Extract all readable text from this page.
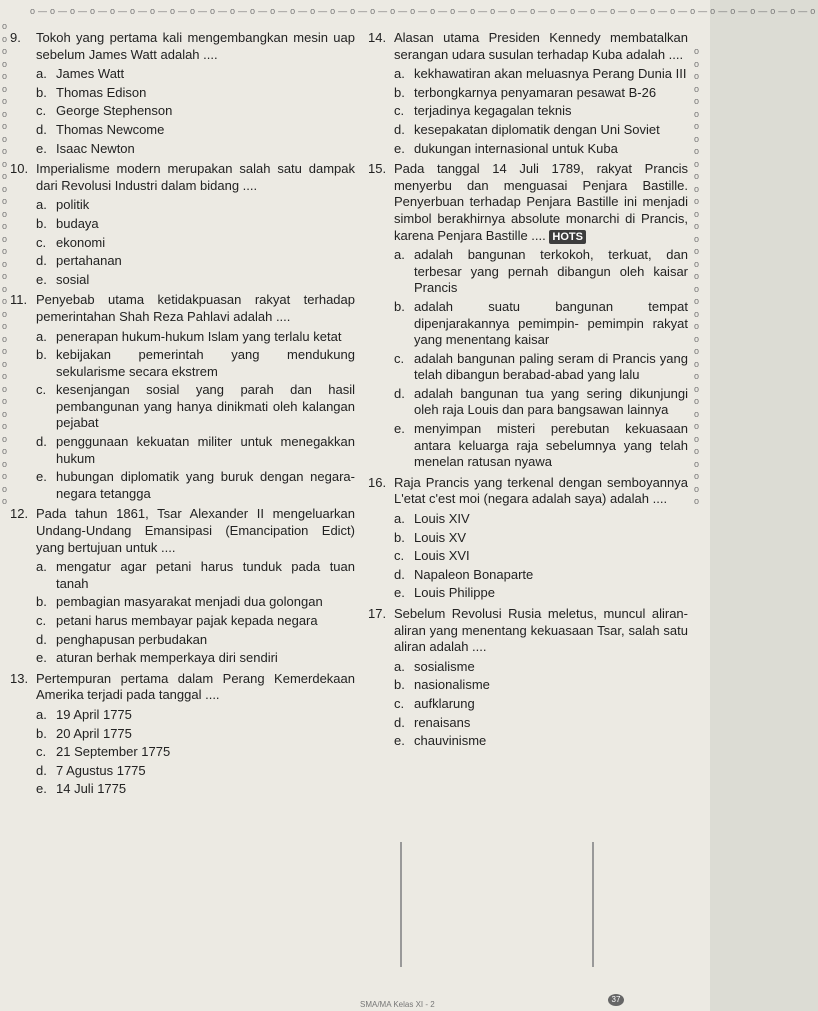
o—o—o—o—o—o—o—o—o—o—o—o—o—o—o—o—o—o—o—o—o—o—o—o—o—o—o—o—o—o—o—o—o—o—o—o—o—o—o—o
o
o
o
o
o
o
o
o
o
o
o
o
o
o
o
o
o
o
o
o
o
o
o
o
o
o
o
o
o
o
o
o
o
o
o
o
o
o
o
o
o
o
o
o
o
o
o
o
o
o
o
o
o
o
o
o
o
o
o
o
o
o
o
o
o
o
o
o
o
o
o
o
o
o
o
o
9.	Tokoh yang pertama kali mengembangkan mesin uap sebelum James Watt adalah ....
a. James Watt
b. Thomas Edison
c. George Stephenson
d. Thomas Newcome
e. Isaac Newton
10. Imperialisme modern merupakan salah satu dampak dari Revolusi Industri dalam bidang ....
a. politik
b. budaya
c. ekonomi
d. pertahanan
e. sosial
11. Penyebab utama ketidakpuasan rakyat terhadap pemerintahan Shah Reza Pahlavi adalah ....
a. penerapan hukum-hukum Islam yang terlalu ketat
b. kebijakan pemerintah yang mendukung sekularisme secara ekstrem
c. kesenjangan sosial yang parah dan hasil pembangunan yang hanya dinikmati oleh kalangan pejabat
d. penggunaan kekuatan militer untuk menegakkan hukum
e. hubungan diplomatik yang buruk dengan negara-negara tetangga
12. Pada tahun 1861, Tsar Alexander II mengeluarkan Undang-Undang Emansipasi (Emancipation Edict) yang bertujuan untuk ....
a. mengatur agar petani harus tunduk pada tuan tanah
b. pembagian masyarakat menjadi dua golongan
c. petani harus membayar pajak kepada negara
d. penghapusan perbudakan
e. aturan berhak memperkaya diri sendiri
13. Pertempuran pertama dalam Perang Kemerdekaan Amerika terjadi pada tanggal ....
a. 19 April 1775
b. 20 April 1775
c. 21 September 1775
d. 7 Agustus 1775
e. 14 Juli 1775
14. Alasan utama Presiden Kennedy membatalkan serangan udara susulan terhadap Kuba adalah ....
a. kekhawatiran akan meluasnya Perang Dunia III
b. terbongkarnya penyamaran pesawat B-26
c. terjadinya kegagalan teknis
d. kesepakatan diplomatik dengan Uni Soviet
e. dukungan internasional untuk Kuba
15. Pada tanggal 14 Juli 1789, rakyat Prancis menyerbu dan menguasai Penjara Bastille. Penyerbuan terhadap Penjara Bastille ini menjadi simbol berakhirnya absolute monarchi di Prancis, karena Penjara Bastille .... HOTS
a. adalah bangunan terkokoh, terkuat, dan terbesar yang pernah dibangun oleh kaisar Prancis
b. adalah suatu bangunan tempat dipenjarakannya pemimpin- pemimpin rakyat yang menentang kaisar
c. adalah bangunan paling seram di Prancis yang telah dibangun berabad-abad yang lalu
d. adalah bangunan tua yang sering dikunjungi oleh raja Louis dan para bangsawan lainnya
e. menyimpan misteri perebutan kekuasaan antara keluarga raja sebelumnya yang telah menelan ratusan nyawa
16. Raja Prancis yang terkenal dengan semboyannya L'etat c'est moi (negara adalah saya) adalah ....
a. Louis XIV
b. Louis XV
c. Louis XVI
d. Napaleon Bonaparte
e. Louis Philippe
17. Sebelum Revolusi Rusia meletus, muncul aliran-aliran yang menentang kekuasaan Tsar, salah satu aliran adalah ....
a. sosialisme
b. nasionalisme
c. aufklarung
d. renaisans
e. chauvinisme
SMA/MA Kelas XI - 2
37
